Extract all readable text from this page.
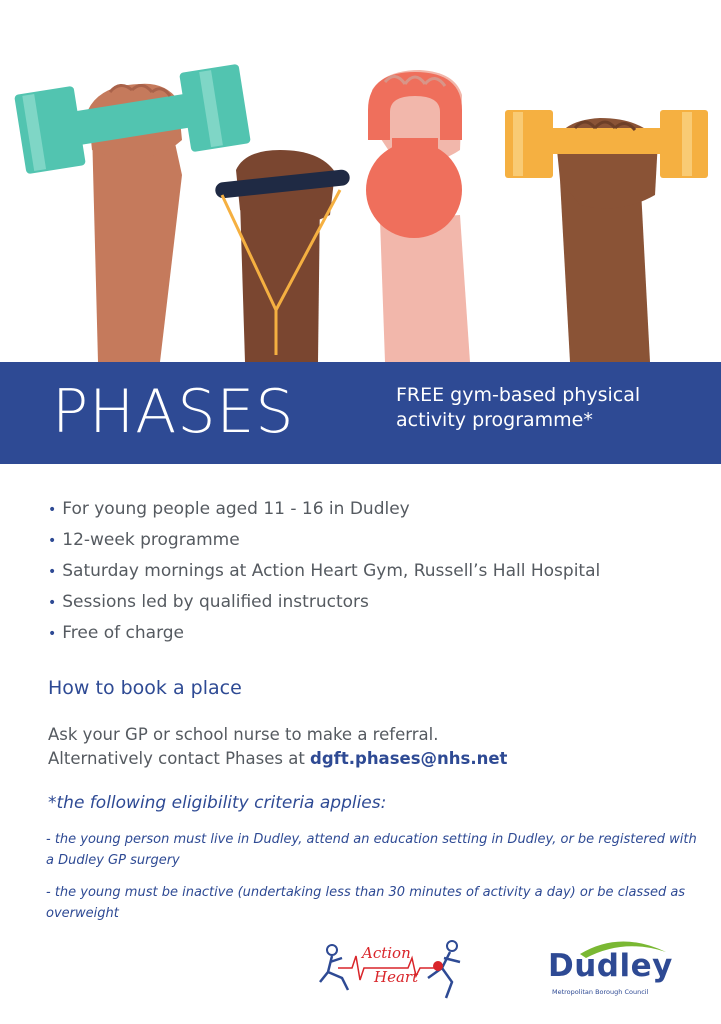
PHASES	FREE gym-based physical
activity programme*
• For young people aged 11 - 16 in Dudley
• 12-week programme
• Saturday mornings at Action Heart Gym, Russell’s Hall Hospital
• Sessions led by qualified instructors
• Free of charge
How to book a place
Ask your GP or school nurse to make a referral.
Alternatively contact Phases at dgft.phases@nhs.net
*the following eligibility criteria applies:
- the young person must live in Dudley, attend an education setting in Dudley, or be registered with a Dudley GP surgery
- the young must be inactive (undertaking less than 30 minutes of activity a day) or be classed as overweight
Action
Heart	Dudley
Metropolitan Borough Council
